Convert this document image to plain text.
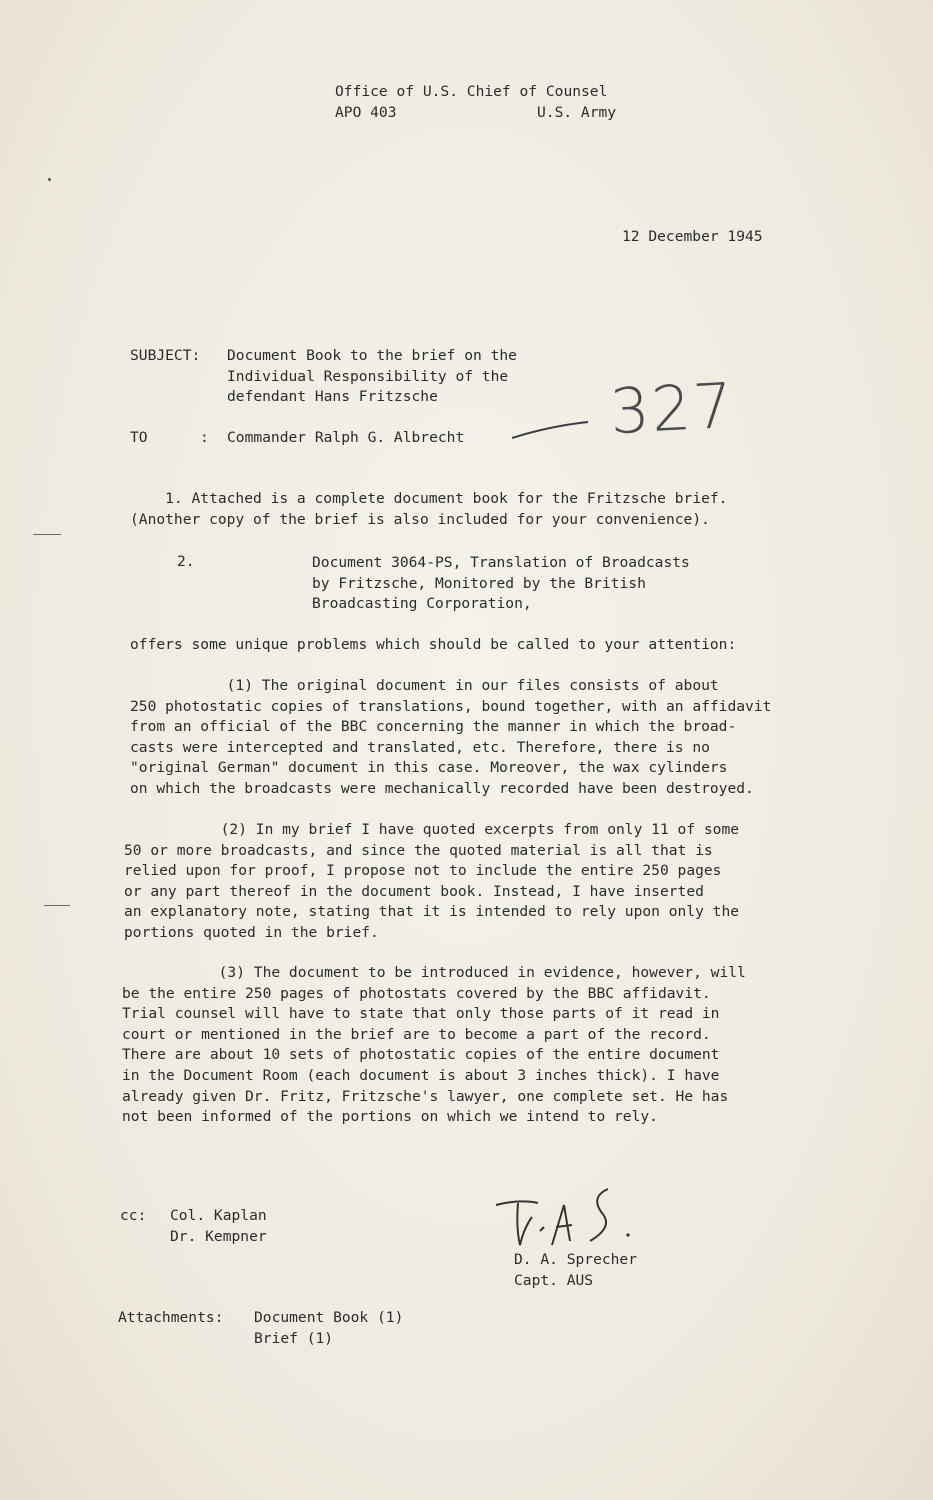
Office of U.S. Chief of Counsel
APO 403	U.S. Army
12 December 1945
SUBJECT: Document Book to the brief on the
Individual Responsibility of the
defendant Hans Fritzsche	327
TO	: Commander Ralph G. Albrecht
1. Attached is a complete document book for the Fritzsche brief.
(Another copy of the brief is also included for your convenience).
2.	Document 3064-PS, Translation of Broadcasts
by Fritzsche, Monitored by the British
Broadcasting Corporation,
offers some unique problems which should be called to your attention:
(1) The original document in our files consists of about
250 photostatic copies of translations, bound together, with an affidavit
from an official of the BBC concerning the manner in which the broad-
casts were intercepted and translated, etc. Therefore, there is no
"original German" document in this case. Moreover, the wax cylinders
on which the broadcasts were mechanically recorded have been destroyed.
(2) In my brief I have quoted excerpts from only 11 of some
50 or more broadcasts, and since the quoted material is all that is
relied upon for proof, I propose not to include the entire 250 pages
or any part thereof in the document book. Instead, I have inserted
an explanatory note, stating that it is intended to rely upon only the
portions quoted in the brief.
(3) The document to be introduced in evidence, however, will
be the entire 250 pages of photostats covered by the BBC affidavit.
Trial counsel will have to state that only those parts of it read in
court or mentioned in the brief are to become a part of the record.
There are about 10 sets of photostatic copies of the entire document
in the Document Room (each document is about 3 inches thick). I have
already given Dr. Fritz, Fritzsche's lawyer, one complete set. He has
not been informed of the portions on which we intend to rely.
cc: Col. Kaplan
Dr. Kempner
D. A. Sprecher
Capt. AUS
Attachments: Document Book (1)
Brief (1)
